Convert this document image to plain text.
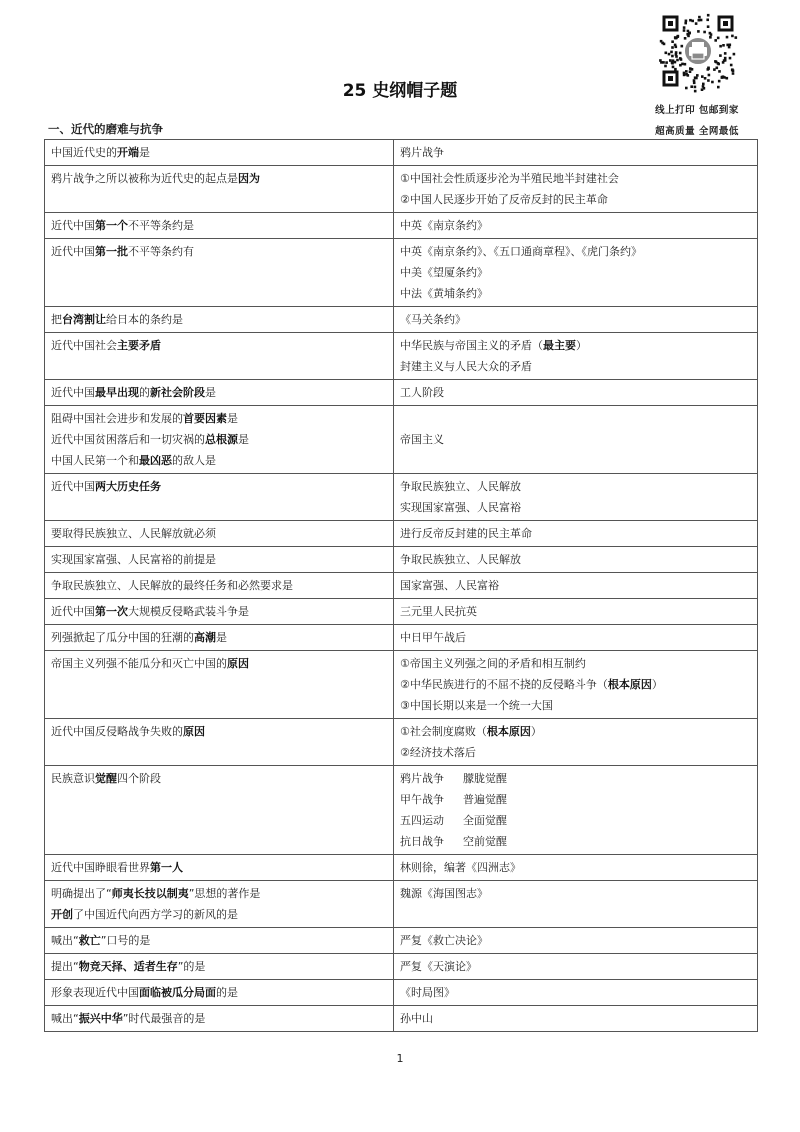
线上打印 包邮到家
超高质量 全网最低
25 史纲帽子题
一、近代的磨难与抗争
中国近代史的开端是	鸦片战争

鸦片战争之所以被称为近代史的起点是因为	①中国社会性质逐步沦为半殖民地半封建社会
②中国人民逐步开始了反帝反封的民主革命

近代中国第一个不平等条约是	中英《南京条约》

近代中国第一批不平等条约有	中英《南京条约》、《五口通商章程》、《虎门条约》
中美《望厦条约》
中法《黄埔条约》

把台湾割让给日本的条约是	《马关条约》

近代中国社会主要矛盾	中华民族与帝国主义的矛盾（最主要）
封建主义与人民大众的矛盾

近代中国最早出现的新社会阶段是	工人阶段

阻碍中国社会进步和发展的首要因素是
近代中国贫困落后和一切灾祸的总根源是
中国人民第一个和最凶恶的敌人是	帝国主义

近代中国两大历史任务	争取民族独立、人民解放
实现国家富强、人民富裕

要取得民族独立、人民解放就必须	进行反帝反封建的民主革命

实现国家富强、人民富裕的前提是	争取民族独立、人民解放

争取民族独立、人民解放的最终任务和必然要求是	国家富强、人民富裕

近代中国第一次大规模反侵略武装斗争是	三元里人民抗英

列强掀起了瓜分中国的狂潮的高潮是	中日甲午战后

帝国主义列强不能瓜分和灭亡中国的原因	①帝国主义列强之间的矛盾和相互制约
②中华民族进行的不屈不挠的反侵略斗争（根本原因）
③中国长期以来是一个统一大国

近代中国反侵略战争失败的原因	①社会制度腐败（根本原因）
②经济技术落后

民族意识觉醒四个阶段	鸦片战争　朦胧觉醒
甲午战争　普遍觉醒
五四运动　全面觉醒
抗日战争　空前觉醒

近代中国睁眼看世界第一人	林则徐，编著《四洲志》

明确提出了“师夷长技以制夷”思想的著作是
开创了中国近代向西方学习的新风的是	魏源《海国图志》

喊出“救亡”口号的是	严复《救亡决论》

提出“物竞天择、适者生存”的是	严复《天演论》

形象表现近代中国面临被瓜分局面的是	《时局图》

喊出“振兴中华”时代最强音的是	孙中山
1
